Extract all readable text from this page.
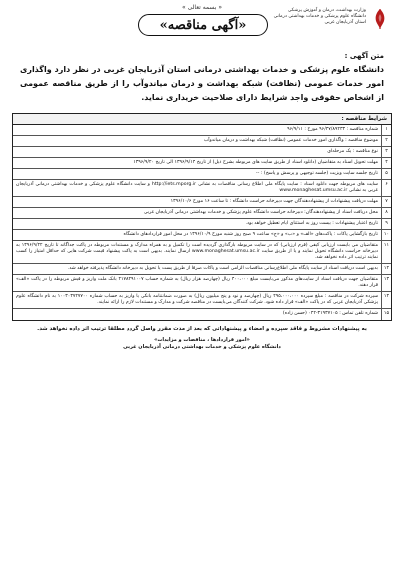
« بسمه تعالی »	وزارت بهداشت، درمان و آموزش پزشکی
دانشگاه علوم پزشکی و خدمات بهداشتی درمانی
استان آذربایجان غربی
«آگهی مناقصه»
متن آگهی :
دانشگاه علوم پزشکی و خدمات بهداشتی درمانی استان آذربایجان غربی در نظر دارد واگذاری امور خدمات عمومی (نظافت) شبکه بهداشت و درمان میاندوآب را از طریق مناقصه عمومی از اشخاص حقوقی واجد شرایط دارای صلاحیت خریداری نماید.
شرایط مناقصه :
۱
شماره مناقصه : ۹۶/۴۷/۸۹۴۳۳ مورخ : ۹۶/۹/۱۱
۲
موضوع مناقصه : واگذاری امور خدمات عمومی (نظافت) شبکه بهداشت و درمان میاندوآب
۳
نوع مناقصه : یک مرحله‌ای
۴
مهلت تحویل اسناد به متقاضیان (دانلود اسناد از طریق سایت های مربوطه بشرح ذیل) از تاریخ ۱۳۹۶/۹/۱۴ الی تاریخ ۱۳۹۶/۹/۲۰
۵
تاریخ جلسه سایت ویزیت (جلسه توجیهی و پرسش و پاسخ) : --
۶
سایت های مربوطه جهت دانلود اسناد : سایت پایگاه ملی اطلاع رسانی مناقصات به نشانی http://iets.mporg.ir و سایت دانشگاه علوم پزشکی و خدمات بهداشتی درمانی آذربایجان غربی به نشانی www.monaghesat.umsu.ac.ir
۷
مهلت دریافت پیشنهادات از پیشنهاددهندگان جهت دبیرخانه حراست دانشگاه : تا ساعت ۱۶ مورخ ۱۳۹۶/۱۰/۶
۸
محل دریافت اسناد از پیشنهاددهندگان: دبیرخانه حراست دانشگاه علوم پزشکی و خدمات بهداشتی درمانی آذربایجان غربی
۹
تاریخ اعتبار پیشنهادات : بیست روز به استثنای ایام تعطیل خواهد بود.
۱۰
تاریخ بازگشایی پاکات : پاکت‌های «الف» و «ب» و «ج» ساعت ۹ صبح روز شنبه مورخ ۱۳۹۶/۱۰/۹ در محل امور قراردادهای دانشگاه
۱۱
متقاضیان می بایست ارزیابی کیفی (فرم ارزیابی) که در سایت مربوطه بارگذاری گردیده است را تکمیل و به همراه مدارک و مستندات مربوطه در پاکت جداگانه تا تاریخ ۱۳۹۶/۹/۲۲ به دبیرخانه حراست دانشگاه تحویل نمایند و یا از طریق سایت www.monaghesat.umsu.ac.ir ارسال نمایند. بدیهی است به پاکت پیشنهاد قیمت شرکت هایی که حداقل امتیاز را کسب نمایند ترتیب اثر داده نخواهد شد.
۱۲
بدیهی است دریافت اسناد از سایت پایگاه ملی اطلاع‌رسانی مناقصات الزامی است و پاکات صرفا از طریق پست یا تحویل به دبیرخانه دانشگاه پذیرفته خواهد شد.
۱۳
متقاضیان جهت دریافت اسناد از سایت‌های مذکور می‌بایست مبلغ ۴۰۰،۰۰۰ ریال (چهارصد هزار ریال) به شماره حساب ۲۱۷۸۴۹۱۰۰۷ بانک ملت واریز و فیش مربوطه را در پاکت «الف» قرار دهند.
۱۴
سپرده شرکت در مناقصه : مبلغ سپرده ۴۹۵،۰۰۰،۰۰۰ ریال (چهارصد و نود و پنج میلیون ریال) به صورت ضمانتنامه بانکی یا واریز به حساب شماره ۱۰۰۳۰۳۷۴۷۷۰۰ به نام دانشگاه علوم پزشکی آذربایجان غربی که در پاکت «الف» قرار داده شود. شرکت کنندگان می‌بایست در مناقصه شرکت و مدارک و مستندات لازم را ارائه نمایند.
۱۵
شماره تلفن تماس : ۳۱۹۳۷۱۰۵-۰۴۴ (حسن زاده)
به پیشنهادات مشروط و فاقد سپرده و امضاء و پیشنهاداتی که بعد از مدت مقرر واصل گردد مطلقا ترتیب اثر داده نخواهد شد.
«امور قراردادها ، مناقصات و مزایدات»
دانشگاه علوم پزشکی و خدمات بهداشتی درمانی آذربایجان غربی
